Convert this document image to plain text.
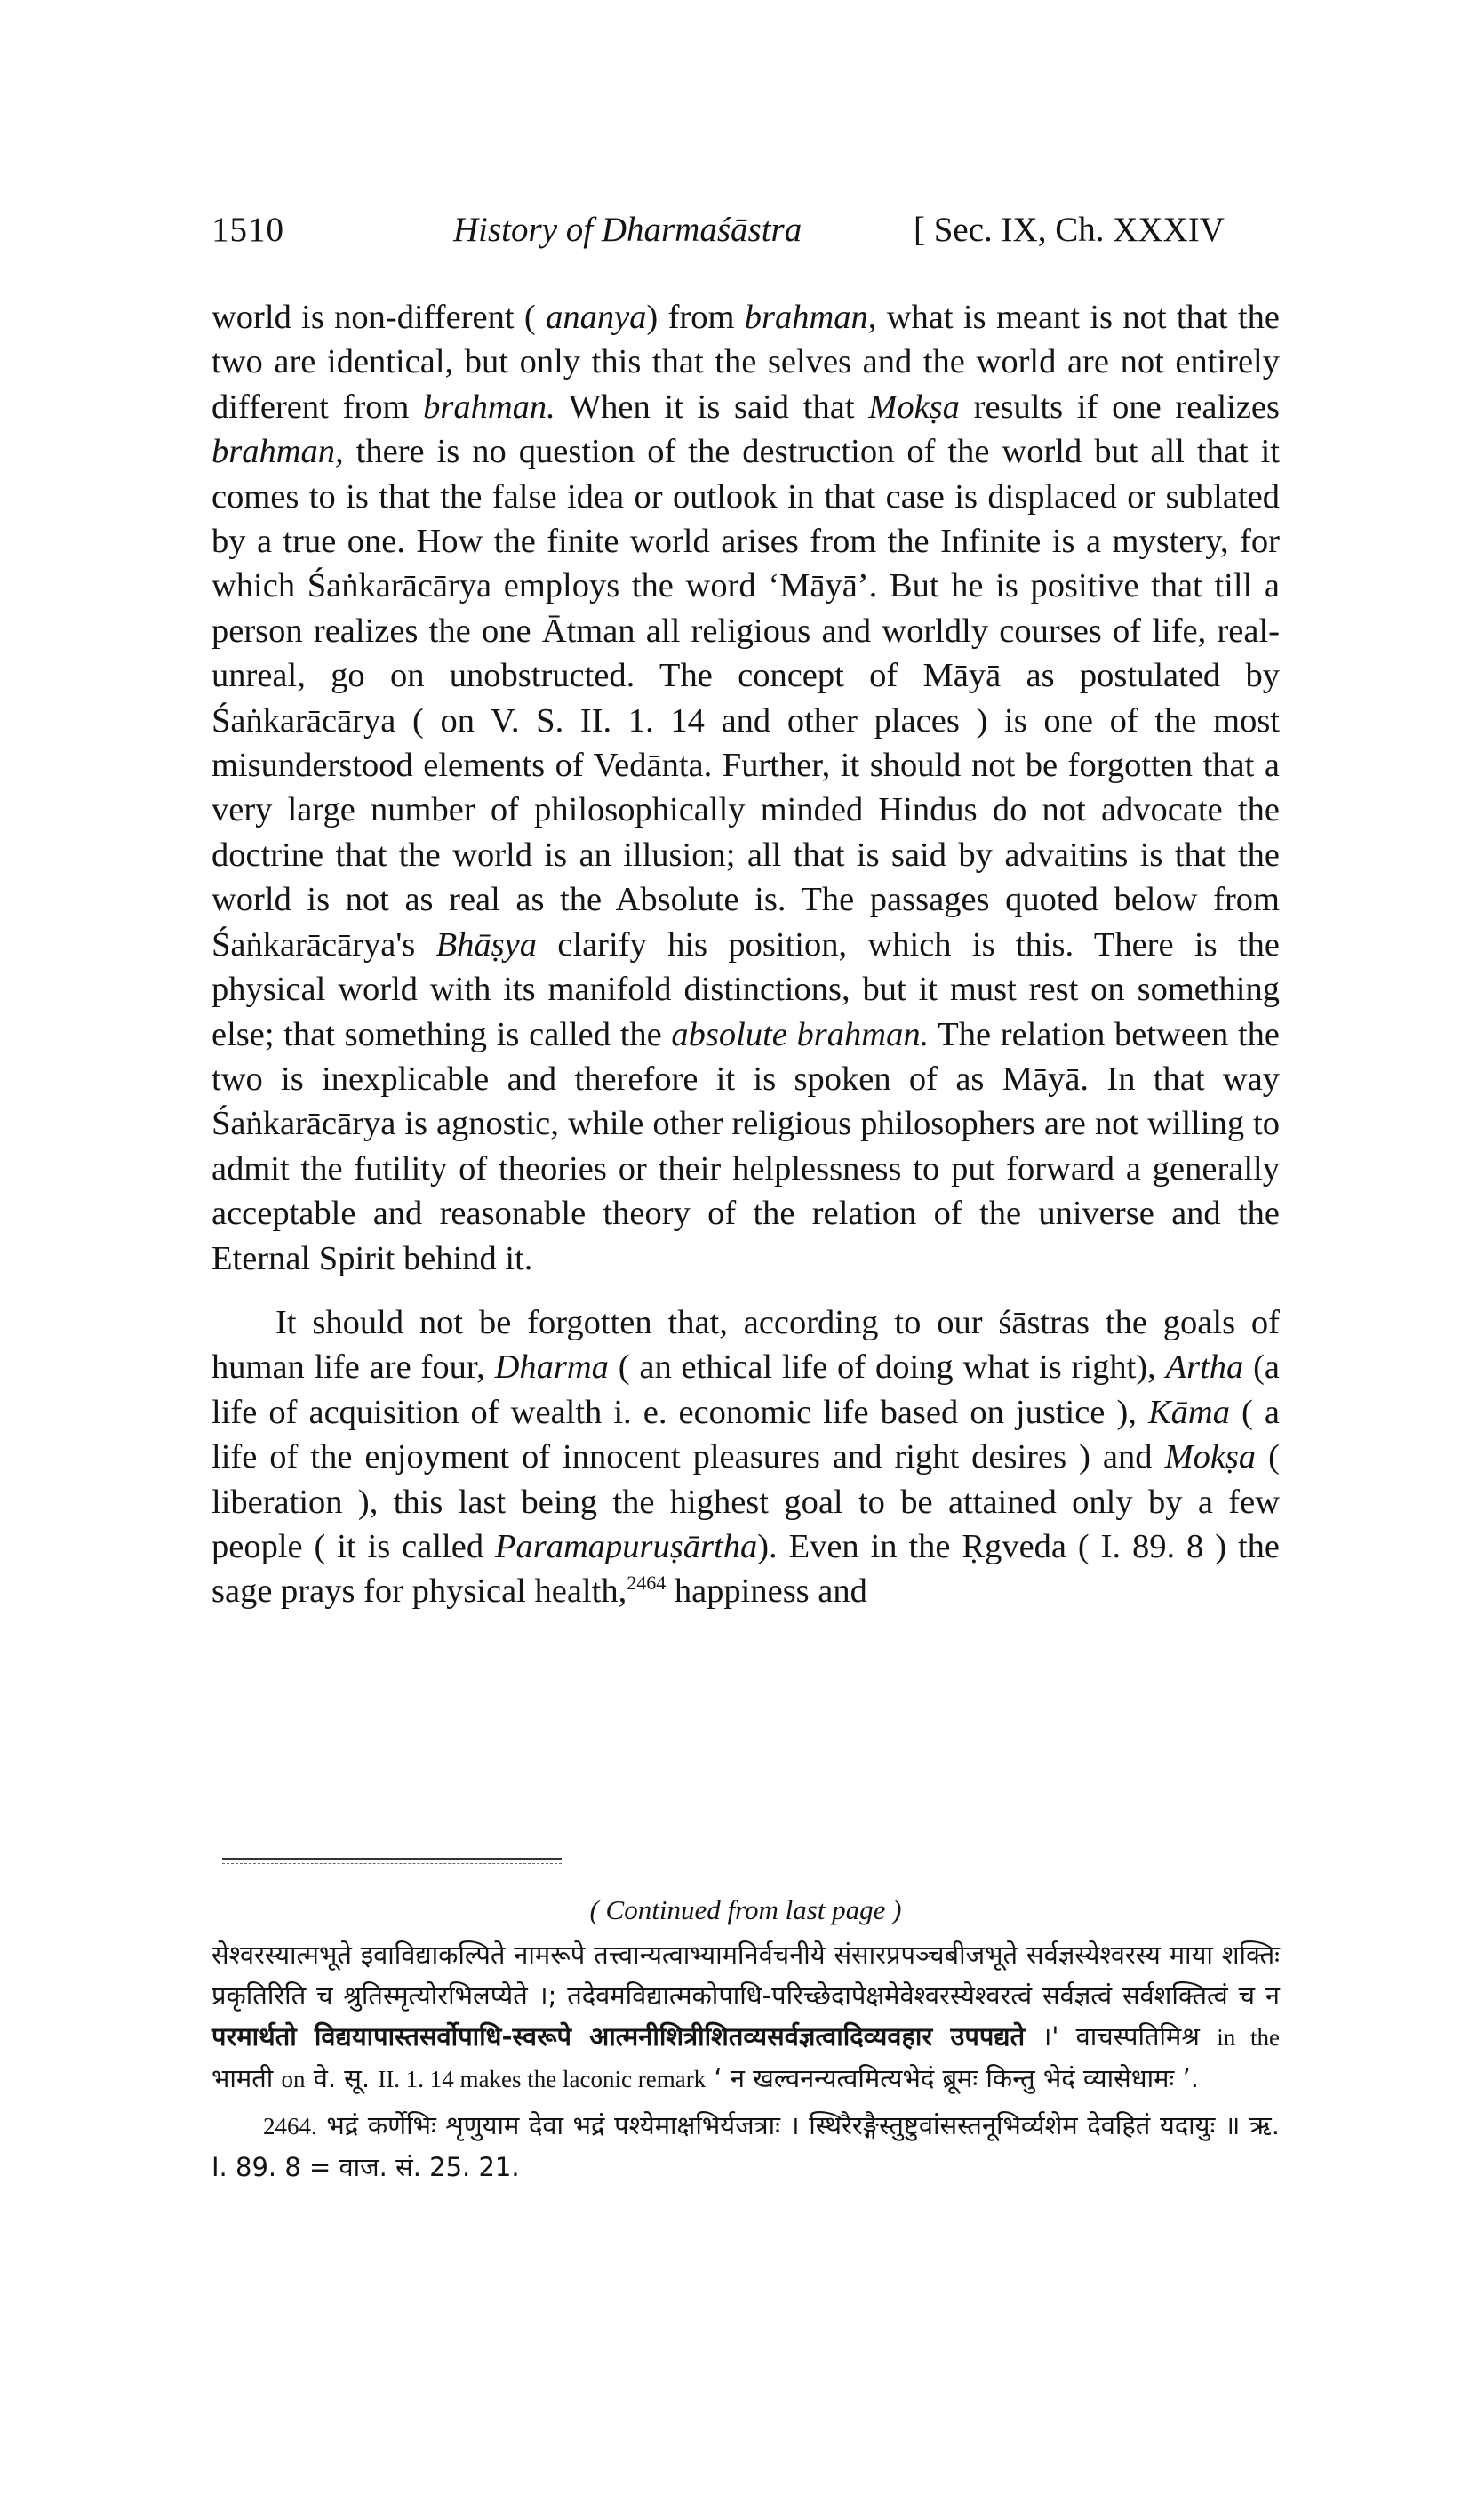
1510	History of Dharmaśāstra	[ Sec. IX, Ch. XXXIV

world is non-different ( ananya) from brahman, what is meant is not that the two are identical, but only this that the selves and the world are not entirely different from brahman. When it is said that Mokṣa results if one realizes brahman, there is no question of the destruction of the world but all that it comes to is that the false idea or outlook in that case is displaced or sublated by a true one. How the finite world arises from the Infinite is a mystery, for which Śaṅkarācārya employs the word ‘Māyā’. But he is positive that till a person realizes the one Ātman all religious and worldly courses of life, real-unreal, go on unobstructed. The concept of Māyā as postulated by Śaṅkarācārya ( on V. S. II. 1. 14 and other places ) is one of the most misunderstood elements of Vedānta. Further, it should not be forgotten that a very large number of philosophically minded Hindus do not advocate the doctrine that the world is an illusion; all that is said by advaitins is that the world is not as real as the Absolute is. The passages quoted below from Śaṅkarācārya's Bhāṣya clarify his position, which is this. There is the physical world with its manifold distinctions, but it must rest on something else; that something is called the absolute brahman. The relation between the two is inexplicable and therefore it is spoken of as Māyā. In that way Śaṅkarācārya is agnostic, while other religious philosophers are not willing to admit the futility of theories or their helplessness to put forward a generally acceptable and reasonable theory of the relation of the universe and the Eternal Spirit behind it.

It should not be forgotten that, according to our śāstras the goals of human life are four, Dharma ( an ethical life of doing what is right), Artha (a life of acquisition of wealth i. e. economic life based on justice ), Kāma ( a life of the enjoyment of innocent pleasures and right desires ) and Mokṣa ( liberation ), this last being the highest goal to be attained only by a few people ( it is called Paramapuruṣārtha). Even in the Ṛgveda ( I. 89. 8 ) the sage prays for physical health,$^{2464}$ happiness and

( Continued from last page )

सेश्वरस्यात्मभूते इवाविद्याकल्पिते नामरूपे तत्त्वान्यत्वाभ्यामनिर्वचनीये संसारप्रपञ्चबीजभूते सर्वज्ञस्येश्वरस्य माया शक्तिः प्रकृतिरिति च श्रुतिस्मृत्योरभिलप्येते ।; तदेवमविद्यात्मकोपाधि-परिच्छेदापेक्षमेवेश्वरस्येश्वरत्वं सर्वज्ञत्वं सर्वशक्तित्वं च न परमार्थतो विद्ययापास्तसर्वोपाधि-स्वरूपे आत्मनीशित्रीशितव्यसर्वज्ञत्वादिव्यवहार उपपद्यते ।' वाचस्पतिमिश्र in the भामती on वे. सू. II. 1. 14 makes the laconic remark ‘ न खल्वनन्यत्वमित्यभेदं ब्रूमः किन्तु भेदं व्यासेधामः ’.

2464. भद्रं कर्णेभिः शृणुयाम देवा भद्रं पश्येमाक्षभिर्यजत्राः । स्थिरैरङ्गैस्तुष्टुवांसस्तनूभिर्व्यशेम देवहितं यदायुः ॥ ऋ. I. 89. 8 = वाज. सं. 25. 21.
